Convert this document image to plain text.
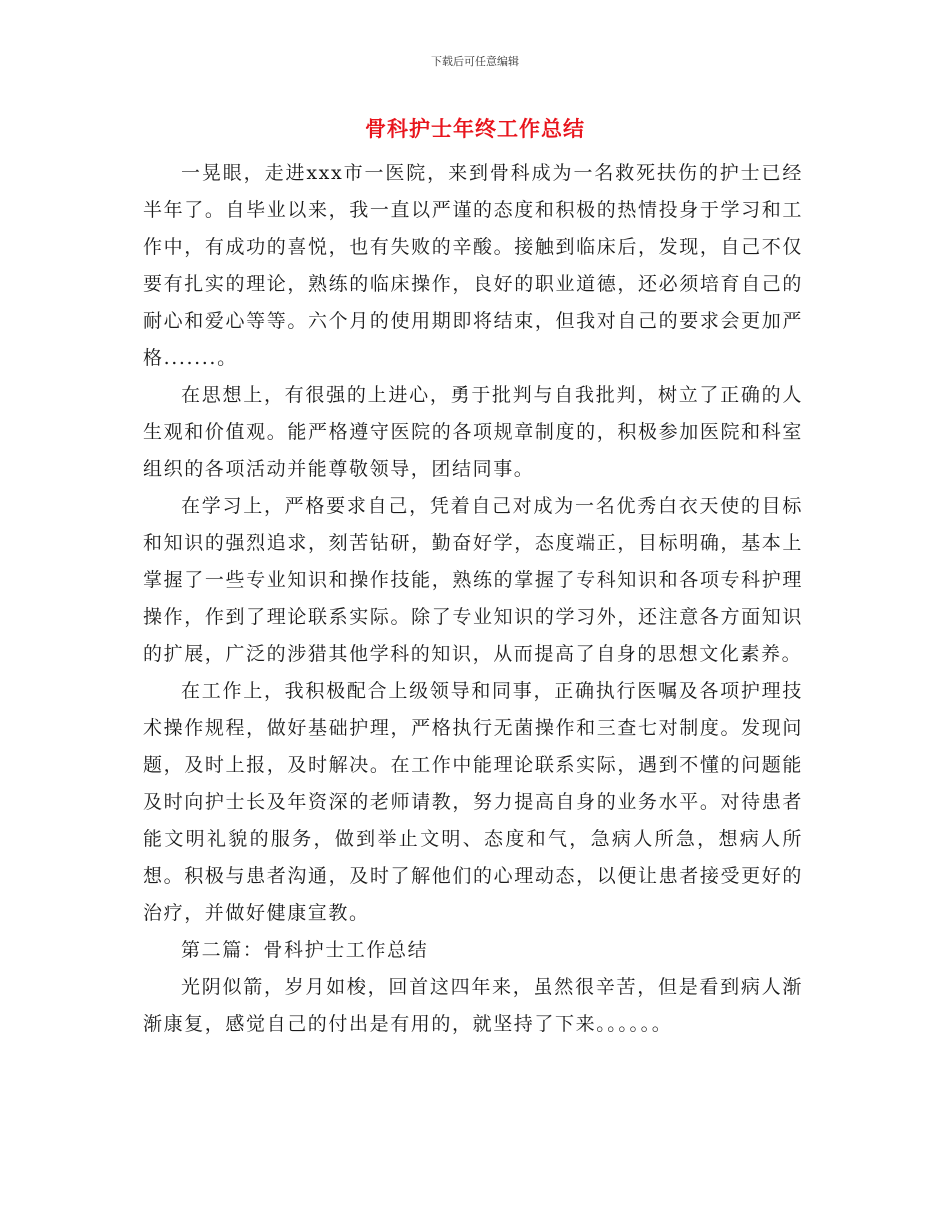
下载后可任意编辑
骨科护士年终工作总结

一晃眼，走进xxx市一医院，来到骨科成为一名救死扶伤的护士已经半年了。自毕业以来，我一直以严谨的态度和积极的热情投身于学习和工作中，有成功的喜悦，也有失败的辛酸。接触到临床后，发现，自己不仅要有扎实的理论，熟练的临床操作，良好的职业道德，还必须培育自己的耐心和爱心等等。六个月的使用期即将结束，但我对自己的要求会更加严格.......。

在思想上，有很强的上进心，勇于批判与自我批判，树立了正确的人生观和价值观。能严格遵守医院的各项规章制度的，积极参加医院和科室组织的各项活动并能尊敬领导，团结同事。

在学习上，严格要求自己，凭着自己对成为一名优秀白衣天使的目标和知识的强烈追求，刻苦钻研，勤奋好学，态度端正，目标明确，基本上掌握了一些专业知识和操作技能，熟练的掌握了专科知识和各项专科护理操作，作到了理论联系实际。除了专业知识的学习外，还注意各方面知识的扩展，广泛的涉猎其他学科的知识，从而提高了自身的思想文化素养。

在工作上，我积极配合上级领导和同事，正确执行医嘱及各项护理技术操作规程，做好基础护理，严格执行无菌操作和三查七对制度。发现问题，及时上报，及时解决。在工作中能理论联系实际，遇到不懂的问题能及时向护士长及年资深的老师请教，努力提高自身的业务水平。对待患者能文明礼貌的服务，做到举止文明、态度和气，急病人所急，想病人所想。积极与患者沟通，及时了解他们的心理动态，以便让患者接受更好的治疗，并做好健康宣教。

第二篇：骨科护士工作总结

光阴似箭，岁月如梭，回首这四年来，虽然很辛苦，但是看到病人渐渐康复，感觉自己的付出是有用的，就坚持了下来。。。。。。
